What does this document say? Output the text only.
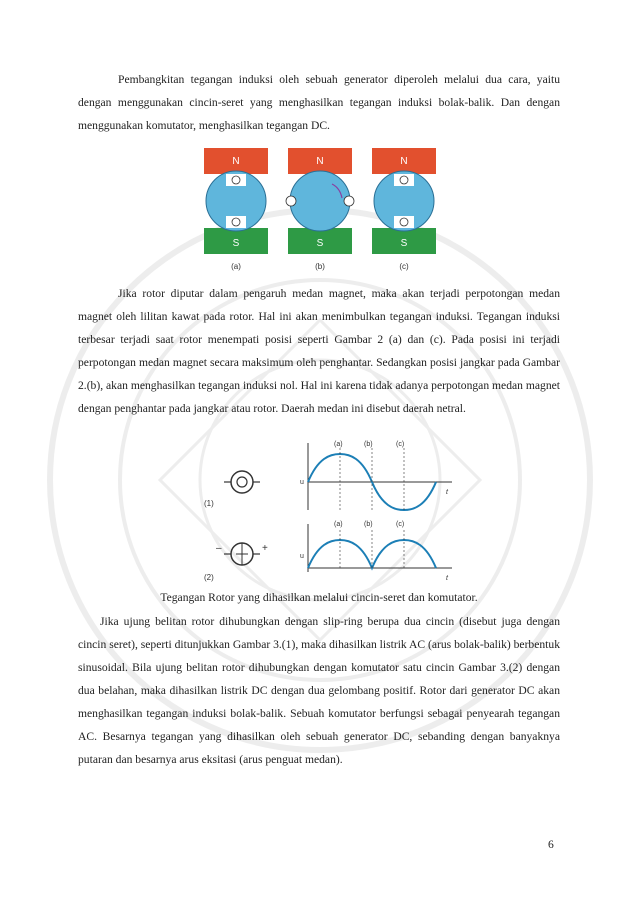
Pembangkitan tegangan induksi oleh sebuah generator diperoleh melalui dua cara, yaitu dengan menggunakan cincin-seret yang menghasilkan tegangan induksi bolak-balik. Dan dengan menggunakan komutator, menghasilkan tegangan DC.
N
S
(a)
N
S
(b)
N
S
(c)
Jika rotor diputar dalam pengaruh medan magnet, maka akan terjadi perpotongan medan magnet oleh lilitan kawat pada rotor. Hal ini akan menimbulkan tegangan induksi. Tegangan induksi terbesar terjadi saat rotor menempati posisi seperti Gambar 2 (a) dan (c). Pada posisi ini terjadi perpotongan medan magnet secara maksimum oleh penghantar. Sedangkan posisi jangkar pada Gambar 2.(b), akan menghasilkan tegangan induksi nol. Hal ini karena tidak adanya perpotongan medan magnet dengan penghantar pada jangkar atau rotor. Daerah medan ini disebut daerah netral.
(1)
u
t
(a)	(b)	(c)
(2)
–	+
u
t
(a)	(b)	(c)
Tegangan Rotor yang dihasilkan melalui cincin-seret dan komutator.
Jika ujung belitan rotor dihubungkan dengan slip-ring berupa dua cincin (disebut juga dengan cincin seret), seperti ditunjukkan Gambar 3.(1), maka dihasilkan listrik AC (arus bolak-balik) berbentuk sinusoidal. Bila ujung belitan rotor dihubungkan dengan komutator satu cincin Gambar 3.(2) dengan dua belahan, maka dihasilkan listrik DC dengan dua gelombang positif. Rotor dari generator DC akan menghasilkan tegangan induksi bolak-balik. Sebuah komutator berfungsi sebagai penyearah tegangan AC. Besarnya tegangan yang dihasilkan oleh sebuah generator DC, sebanding dengan banyaknya putaran dan besarnya arus eksitasi (arus penguat medan).
6
